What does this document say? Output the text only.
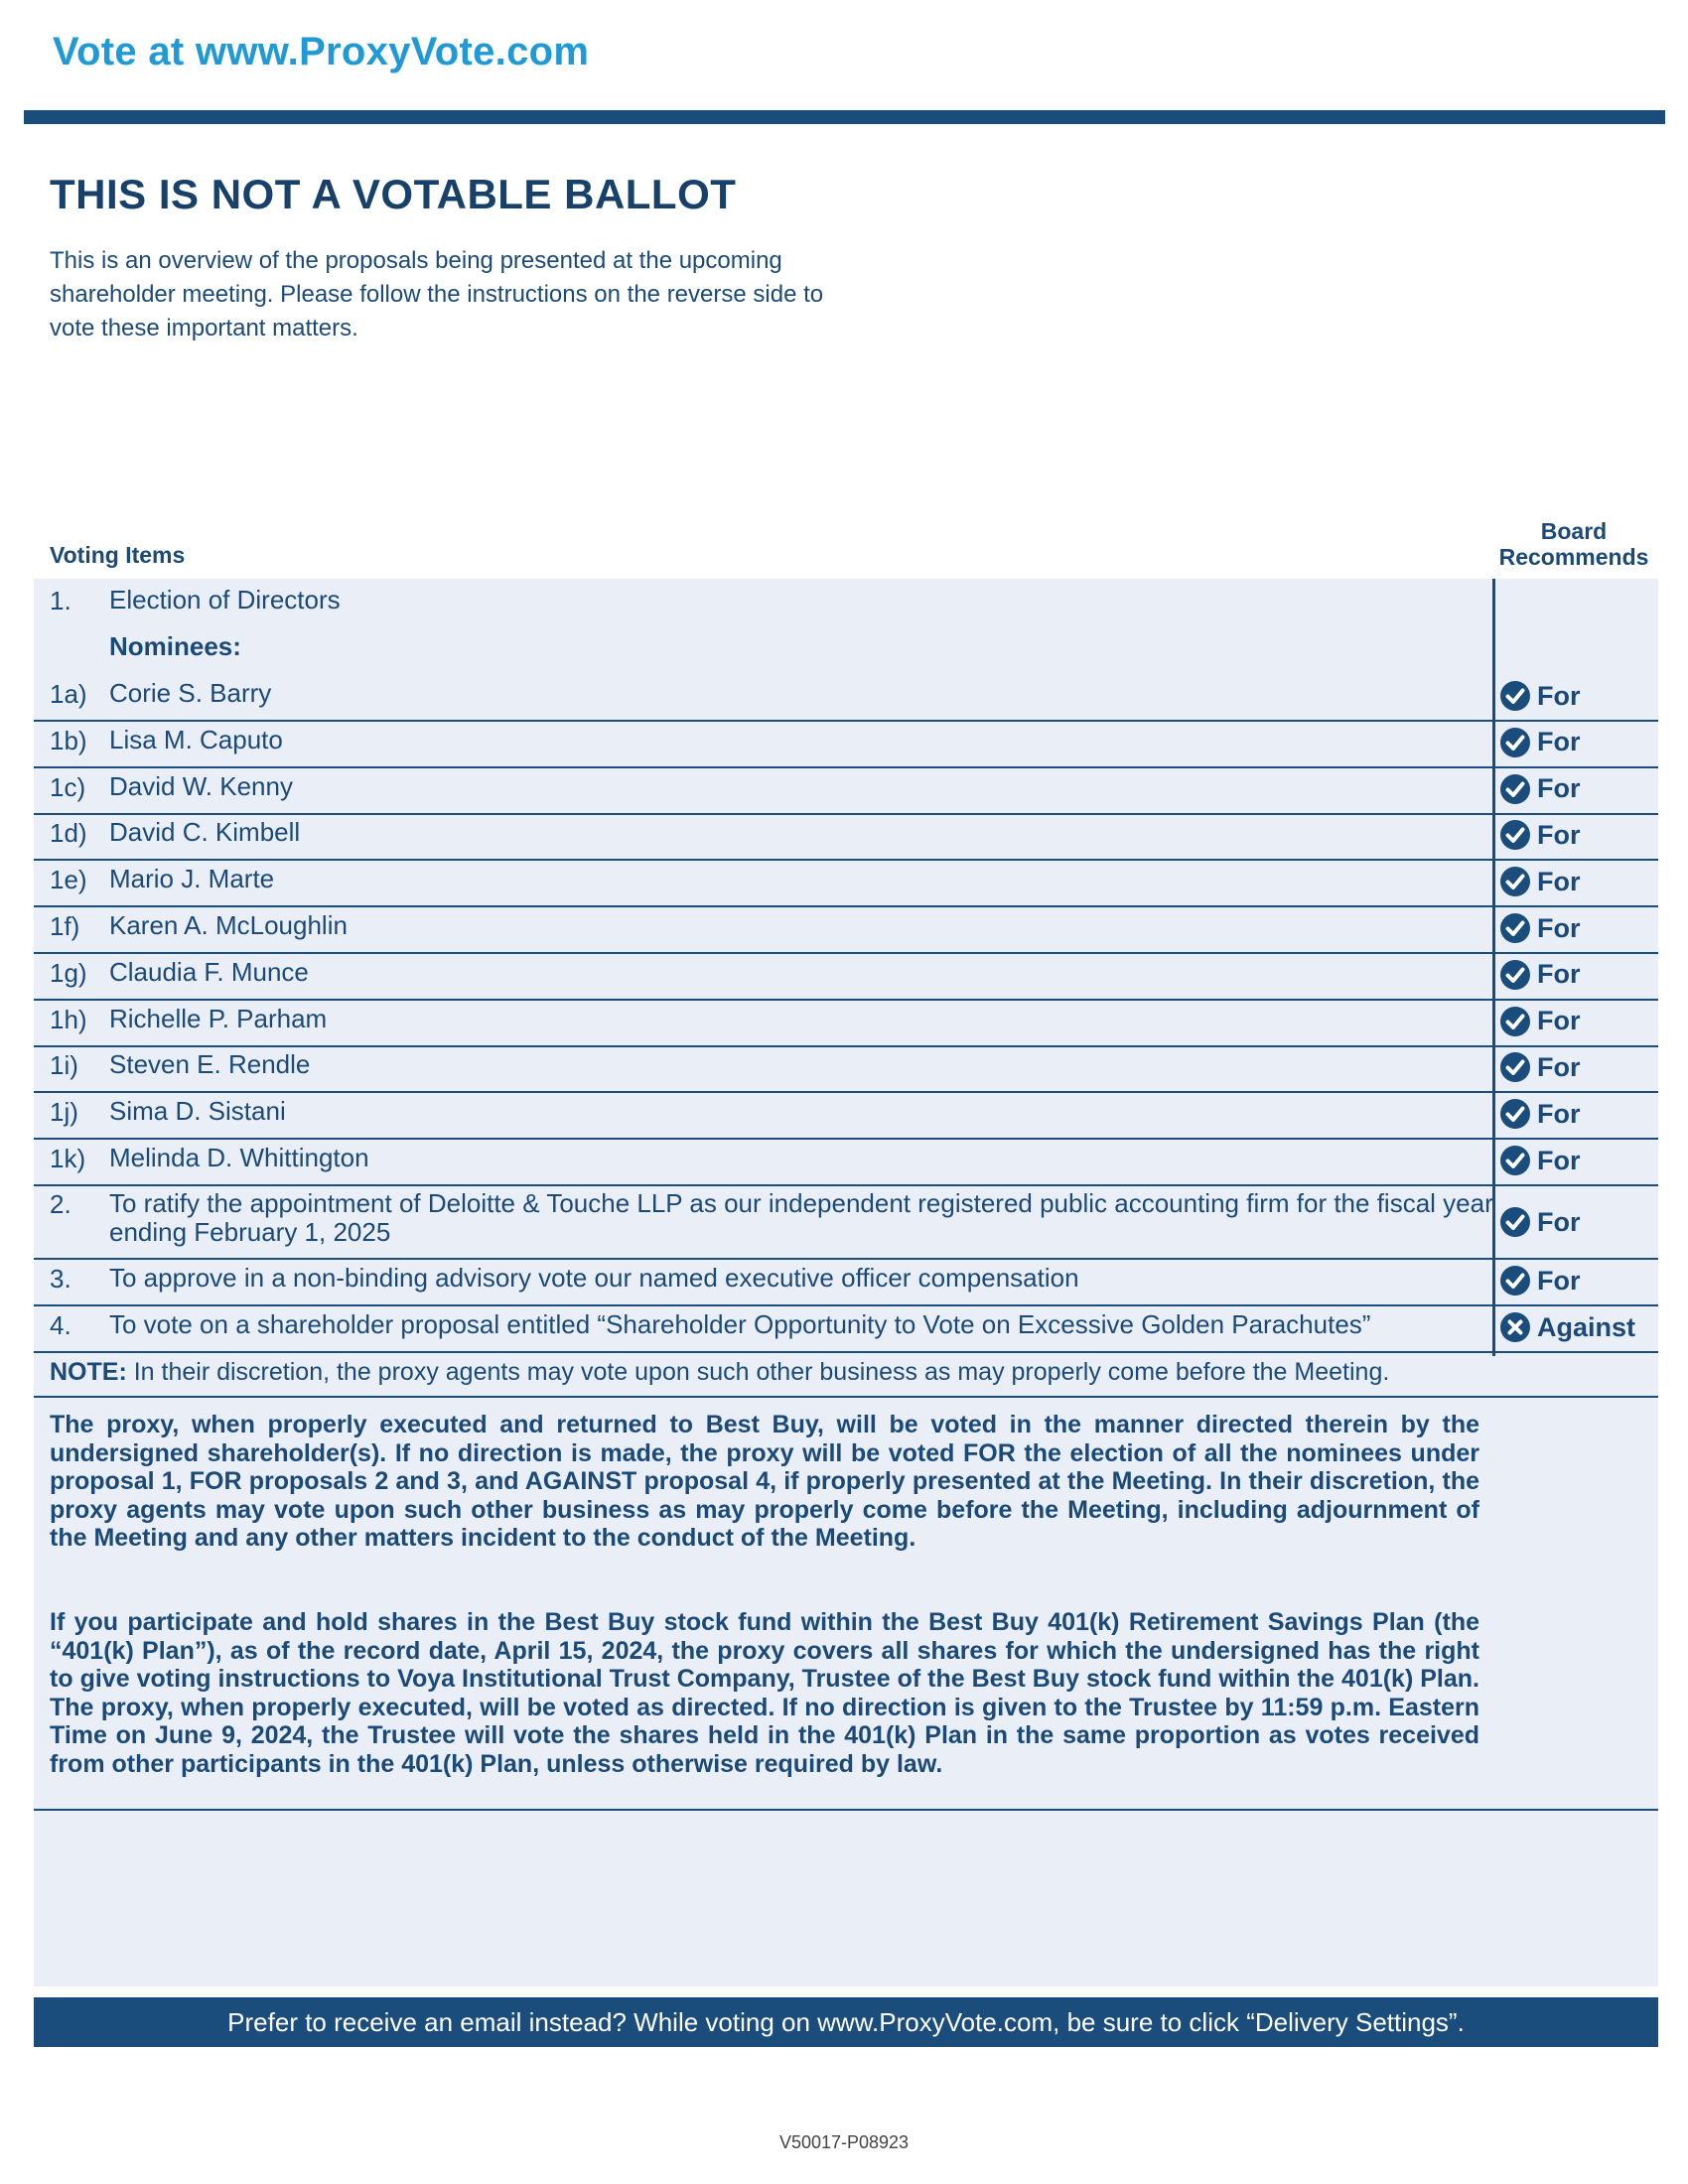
Vote at www.ProxyVote.com
THIS IS NOT A VOTABLE BALLOT
This is an overview of the proposals being presented at the upcoming shareholder meeting. Please follow the instructions on the reverse side to vote these important matters.
Voting Items
Board
Recommends
1. Election of Directors
Nominees:
1a) Corie S. Barry	For
1b) Lisa M. Caputo	For
1c) David W. Kenny	For
1d) David C. Kimbell	For
1e) Mario J. Marte	For
1f) Karen A. McLoughlin	For
1g) Claudia F. Munce	For
1h) Richelle P. Parham	For
1i) Steven E. Rendle	For
1j) Sima D. Sistani	For
1k) Melinda D. Whittington	For
2. To ratify the appointment of Deloitte & Touche LLP as our independent registered public accounting firm for the fiscal year ending February 1, 2025	For
3. To approve in a non-binding advisory vote our named executive officer compensation	For
4. To vote on a shareholder proposal entitled “Shareholder Opportunity to Vote on Excessive Golden Parachutes”	Against
NOTE: In their discretion, the proxy agents may vote upon such other business as may properly come before the Meeting.
The proxy, when properly executed and returned to Best Buy, will be voted in the manner directed therein by the undersigned shareholder(s). If no direction is made, the proxy will be voted FOR the election of all the nominees under proposal 1, FOR proposals 2 and 3, and AGAINST proposal 4, if properly presented at the Meeting. In their discretion, the proxy agents may vote upon such other business as may properly come before the Meeting, including adjournment of the Meeting and any other matters incident to the conduct of the Meeting.
If you participate and hold shares in the Best Buy stock fund within the Best Buy 401(k) Retirement Savings Plan (the “401(k) Plan”), as of the record date, April 15, 2024, the proxy covers all shares for which the undersigned has the right to give voting instructions to Voya Institutional Trust Company, Trustee of the Best Buy stock fund within the 401(k) Plan. The proxy, when properly executed, will be voted as directed. If no direction is given to the Trustee by 11:59 p.m. Eastern Time on June 9, 2024, the Trustee will vote the shares held in the 401(k) Plan in the same proportion as votes received from other participants in the 401(k) Plan, unless otherwise required by law.
Prefer to receive an email instead? While voting on www.ProxyVote.com, be sure to click “Delivery Settings”.
V50017-P08923
